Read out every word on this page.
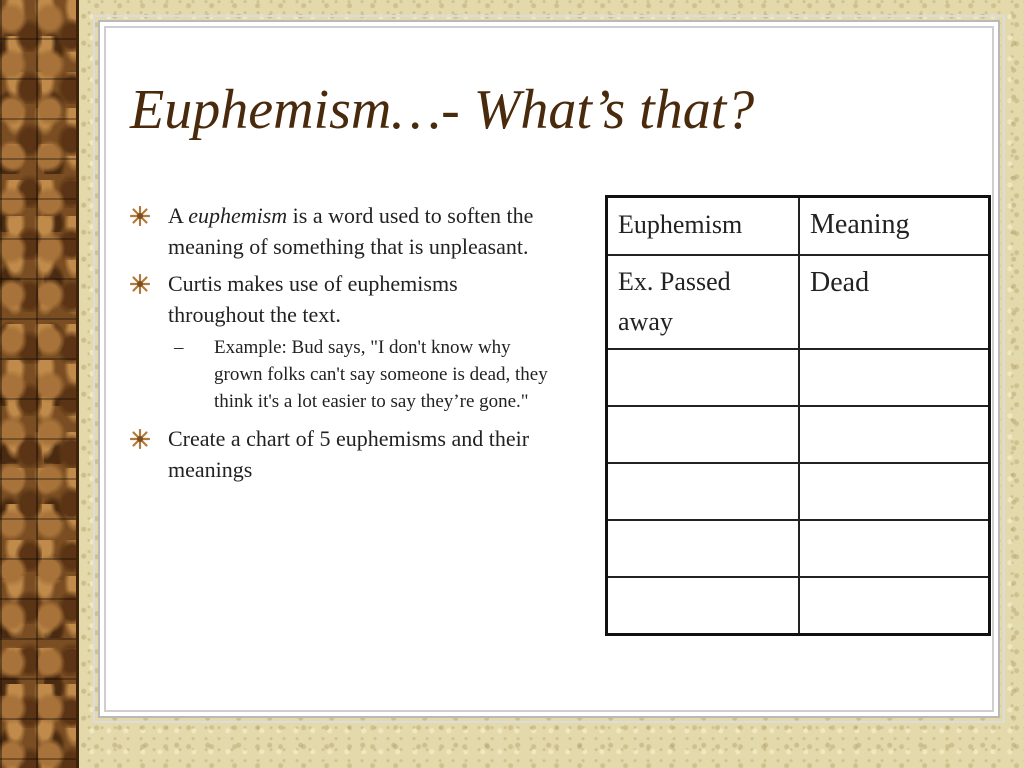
Euphemism…- What’s that?
A euphemism is a word used to soften the meaning of something that is unpleasant.
Curtis makes use of euphemisms throughout the text.
– Example: Bud says, "I don't know why grown folks can't say someone is dead, they think it's a lot easier to say they’re gone."
Create a chart of 5 euphemisms and their meanings
Euphemism	Meaning
Ex. Passed away	Dead
